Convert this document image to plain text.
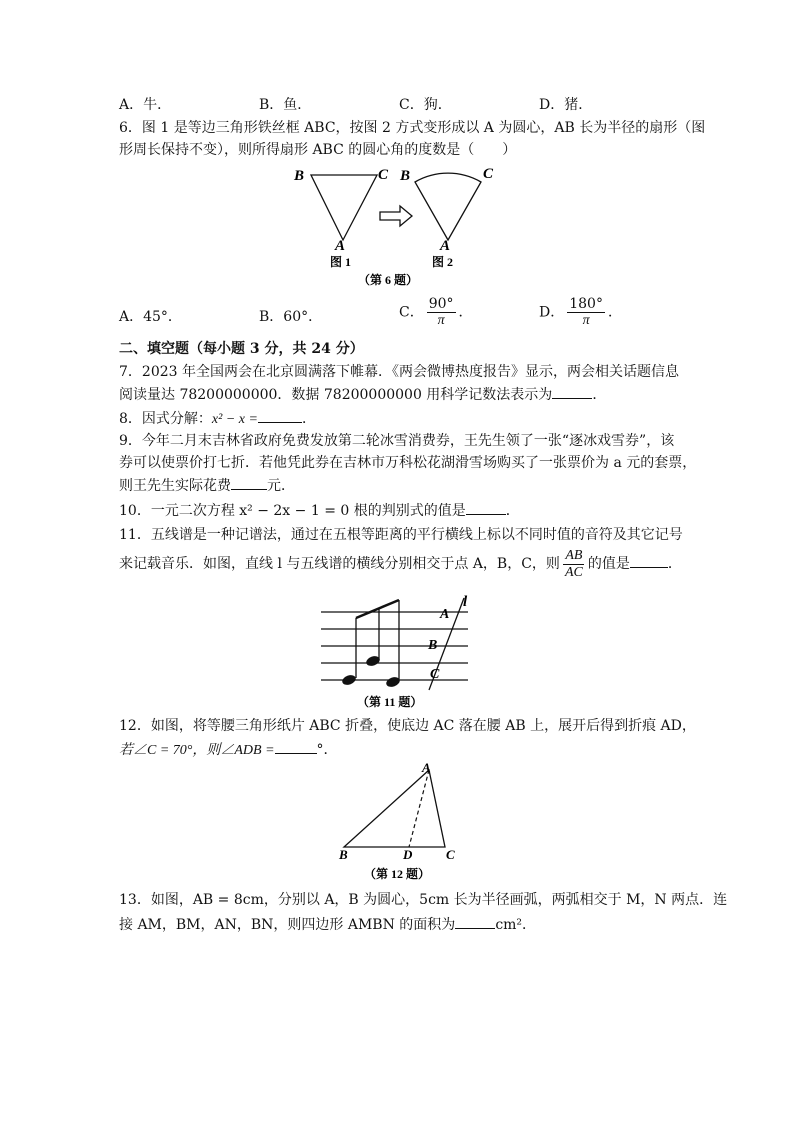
A．牛．	B．鱼．	C．狗．	D．猪．
6．图 1 是等边三角形铁丝框 ABC，按图 2 方式变形成以 A 为圆心，AB 长为半径的扇形（图
形周长保持不变），则所得扇形 ABC 的圆心角的度数是（　　）
B	C
A
图 1
B	C
A
图 2
（第 6 题）
A．45°．	B．60°．	C． $\frac{90^\circ}{\pi}$ ．	D． $\frac{180^\circ}{\pi}$ ．
二、填空题（每小题 3 分，共 24 分）
7．2023 年全国两会在北京圆满落下帷幕．《两会微博热度报告》显示，两会相关话题信息
阅读量达 78200000000．数据 78200000000 用科学记数法表示为	．
8．因式分解：x² − x =	．
9．今年二月末吉林省政府免费发放第二轮冰雪消费券，王先生领了一张“逐冰戏雪券”，该
券可以使票价打七折．若他凭此券在吉林市万科松花湖滑雪场购买了一张票价为 a 元的套票，
则王先生实际花费	元．
10．一元二次方程 x² − 2x − 1 = 0 根的判别式的值是	．
11．五线谱是一种记谱法，通过在五根等距离的平行横线上标以不同时值的音符及其它记号
来记载音乐．如图，直线 l 与五线谱的横线分别相交于点 A，B，C，则 $\frac{AB}{AC}$ 的值是	．
l
A
B
C
（第 11 题）
12．如图，将等腰三角形纸片 ABC 折叠，使底边 AC 落在腰 AB 上，展开后得到折痕 AD，
若∠C = 70°，则∠ADB =	°．
A
B	D	C
（第 12 题）
13．如图，AB = 8cm，分别以 A，B 为圆心，5cm 长为半径画弧，两弧相交于 M，N 两点．连
接 AM，BM，AN，BN，则四边形 AMBN 的面积为	cm²．
